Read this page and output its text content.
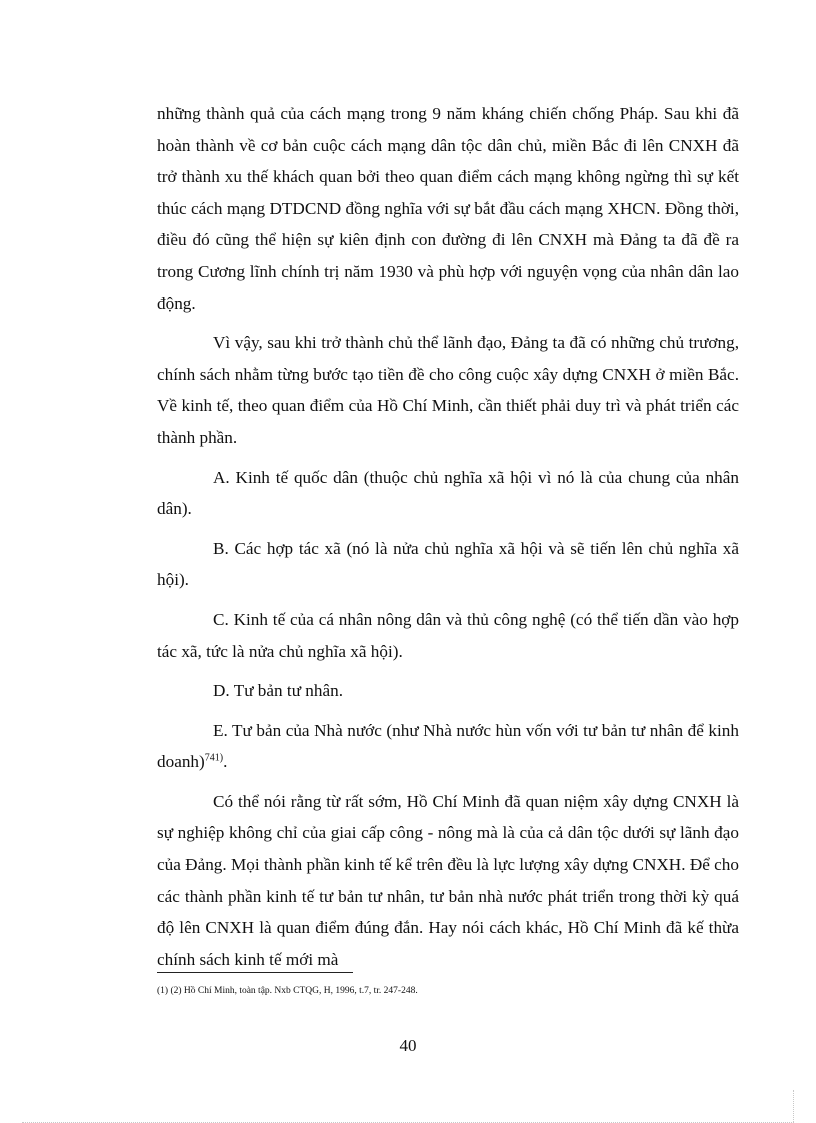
những thành quả của cách mạng trong 9 năm kháng chiến chống Pháp. Sau khi đã hoàn thành về cơ bản cuộc cách mạng dân tộc dân chủ, miền Bắc đi lên CNXH đã trở thành xu thế khách quan bởi theo quan điểm cách mạng không ngừng thì sự kết thúc cách mạng DTDCND đồng nghĩa với sự bắt đầu cách mạng XHCN. Đồng thời, điều đó cũng thể hiện sự kiên định con đường đi lên CNXH mà Đảng ta đã đề ra trong Cương lĩnh chính trị năm 1930 và phù hợp với nguyện vọng của nhân dân lao động.

Vì vậy, sau khi trở thành chủ thể lãnh đạo, Đảng ta đã có những chủ trương, chính sách nhằm từng bước tạo tiền đề cho công cuộc xây dựng CNXH ở miền Bắc. Về kinh tế, theo quan điểm của Hồ Chí Minh, cần thiết phải duy trì và phát triển các thành phần.

A. Kinh tế quốc dân (thuộc chủ nghĩa xã hội vì nó là của chung của nhân dân).

B. Các hợp tác xã (nó là nửa chủ nghĩa xã hội và sẽ tiến lên chủ nghĩa xã hội).

C. Kinh tế của cá nhân nông dân và thủ công nghệ (có thể tiến dần vào hợp tác xã, tức là nửa chủ nghĩa xã hội).

D. Tư bản tư nhân.

E. Tư bản của Nhà nước (như Nhà nước hùn vốn với tư bản tư nhân để kinh doanh)$^{741)}$.

Có thể nói rằng từ rất sớm, Hồ Chí Minh đã quan niệm xây dựng CNXH là sự nghiệp không chỉ của giai cấp công - nông mà là của cả dân tộc dưới sự lãnh đạo của Đảng. Mọi thành phần kinh tế kể trên đều là lực lượng xây dựng CNXH. Để cho các thành phần kinh tế tư bản tư nhân, tư bản nhà nước phát triển trong thời kỳ quá độ lên CNXH là quan điểm đúng đắn. Hay nói cách khác, Hồ Chí Minh đã kế thừa chính sách kinh tế mới mà

(1) (2) Hồ Chí Minh, toàn tập. Nxb CTQG, H, 1996, t.7, tr. 247-248.
40
